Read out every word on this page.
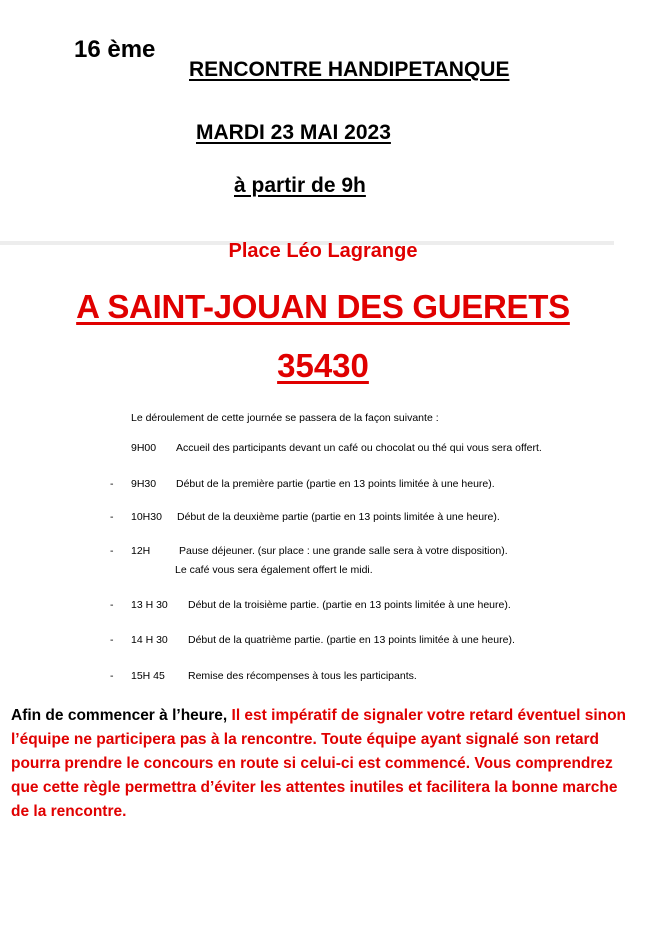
16 ème
RENCONTRE HANDIPETANQUE
MARDI 23 MAI 2023
à partir de 9h
Place Léo Lagrange
A SAINT-JOUAN DES GUERETS
35430
Le déroulement de cette journée se passera de la façon suivante :
9H00 Accueil des participants devant un café ou chocolat ou thé qui vous sera offert.
- 9H30 Début de la première partie (partie en 13 points limitée à une heure).
- 10H30 Début de la deuxième partie (partie en 13 points limitée à une heure).
- 12H	Pause déjeuner. (sur place : une grande salle sera à votre disposition).
Le café vous sera également offert le midi.
- 13 H 30 Début de la troisième partie. (partie en 13 points limitée à une heure).
- 14 H 30 Début de la quatrième partie. (partie en 13 points limitée à une heure).
- 15H 45 Remise des récompenses à tous les participants.
Afin de commencer à l’heure, Il est impératif de signaler votre retard éventuel sinon l’équipe ne participera pas à la rencontre. Toute équipe ayant signalé son retard pourra prendre le concours en route si celui-ci est commencé. Vous comprendrez que cette règle permettra d’éviter les attentes inutiles et facilitera la bonne marche de la rencontre.
